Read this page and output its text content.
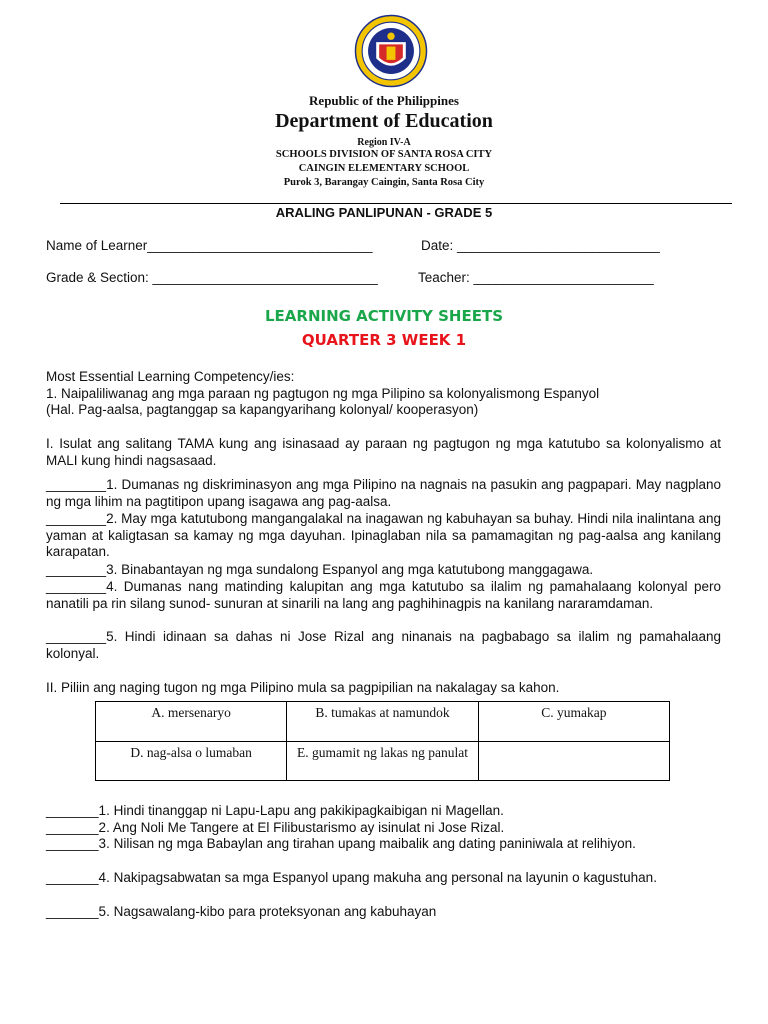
Republic of the Philippines
Department of Education
Region IV-A
SCHOOLS DIVISION OF SANTA ROSA CITY
CAINGIN ELEMENTARY SCHOOL
Purok 3, Barangay Caingin, Santa Rosa City
ARALING PANLIPUNAN - GRADE 5
Name of Learner______________________________	Date: ___________________________
Grade & Section: ______________________________	Teacher: ________________________
LEARNING ACTIVITY SHEETS
QUARTER 3 WEEK 1
Most Essential Learning Competency/ies:
1. Naipaliliwanag ang mga paraan ng pagtugon ng mga Pilipino sa kolonyalismong Espanyol
(Hal. Pag-aalsa, pagtanggap sa kapangyarihang kolonyal/ kooperasyon)
I. Isulat ang salitang TAMA kung ang isinasaad ay paraan ng pagtugon ng mga katutubo sa kolonyalismo at MALI kung hindi nagsasaad.
________1. Dumanas ng diskriminasyon ang mga Pilipino na nagnais na pasukin ang pagpapari. May nagplano ng mga lihim na pagtitipon upang isagawa ang pag-aalsa.
________2. May mga katutubong mangangalakal na inagawan ng kabuhayan sa buhay. Hindi nila inalintana ang yaman at kaligtasan sa kamay ng mga dayuhan. Ipinaglaban nila sa pamamagitan ng pag-aalsa ang kanilang karapatan.
________3. Binabantayan ng mga sundalong Espanyol ang mga katutubong manggagawa.
________4. Dumanas nang matinding kalupitan ang mga katutubo sa ilalim ng pamahalaang kolonyal pero nanatili pa rin silang sunod- sunuran at sinarili na lang ang paghihinagpis na kanilang nararamdaman.
________5. Hindi idinaan sa dahas ni Jose Rizal ang ninanais na pagbabago sa ilalim ng pamahalaang kolonyal.
II. Piliin ang naging tugon ng mga Pilipino mula sa pagpipilian na nakalagay sa kahon.
A. mersenaryo	B. tumakas at namundok	C. yumakap
D. nag-alsa o lumaban	E. gumamit ng lakas ng panulat	
_______1. Hindi tinanggap ni Lapu-Lapu ang pakikipagkaibigan ni Magellan.
_______2. Ang Noli Me Tangere at El Filibustarismo ay isinulat ni Jose Rizal.
_______3. Nilisan ng mga Babaylan ang tirahan upang maibalik ang dating paniniwala at relihiyon.
_______4. Nakipagsabwatan sa mga Espanyol upang makuha ang personal na layunin o kagustuhan.
_______5. Nagsawalang-kibo para proteksyonan ang kabuhayan
